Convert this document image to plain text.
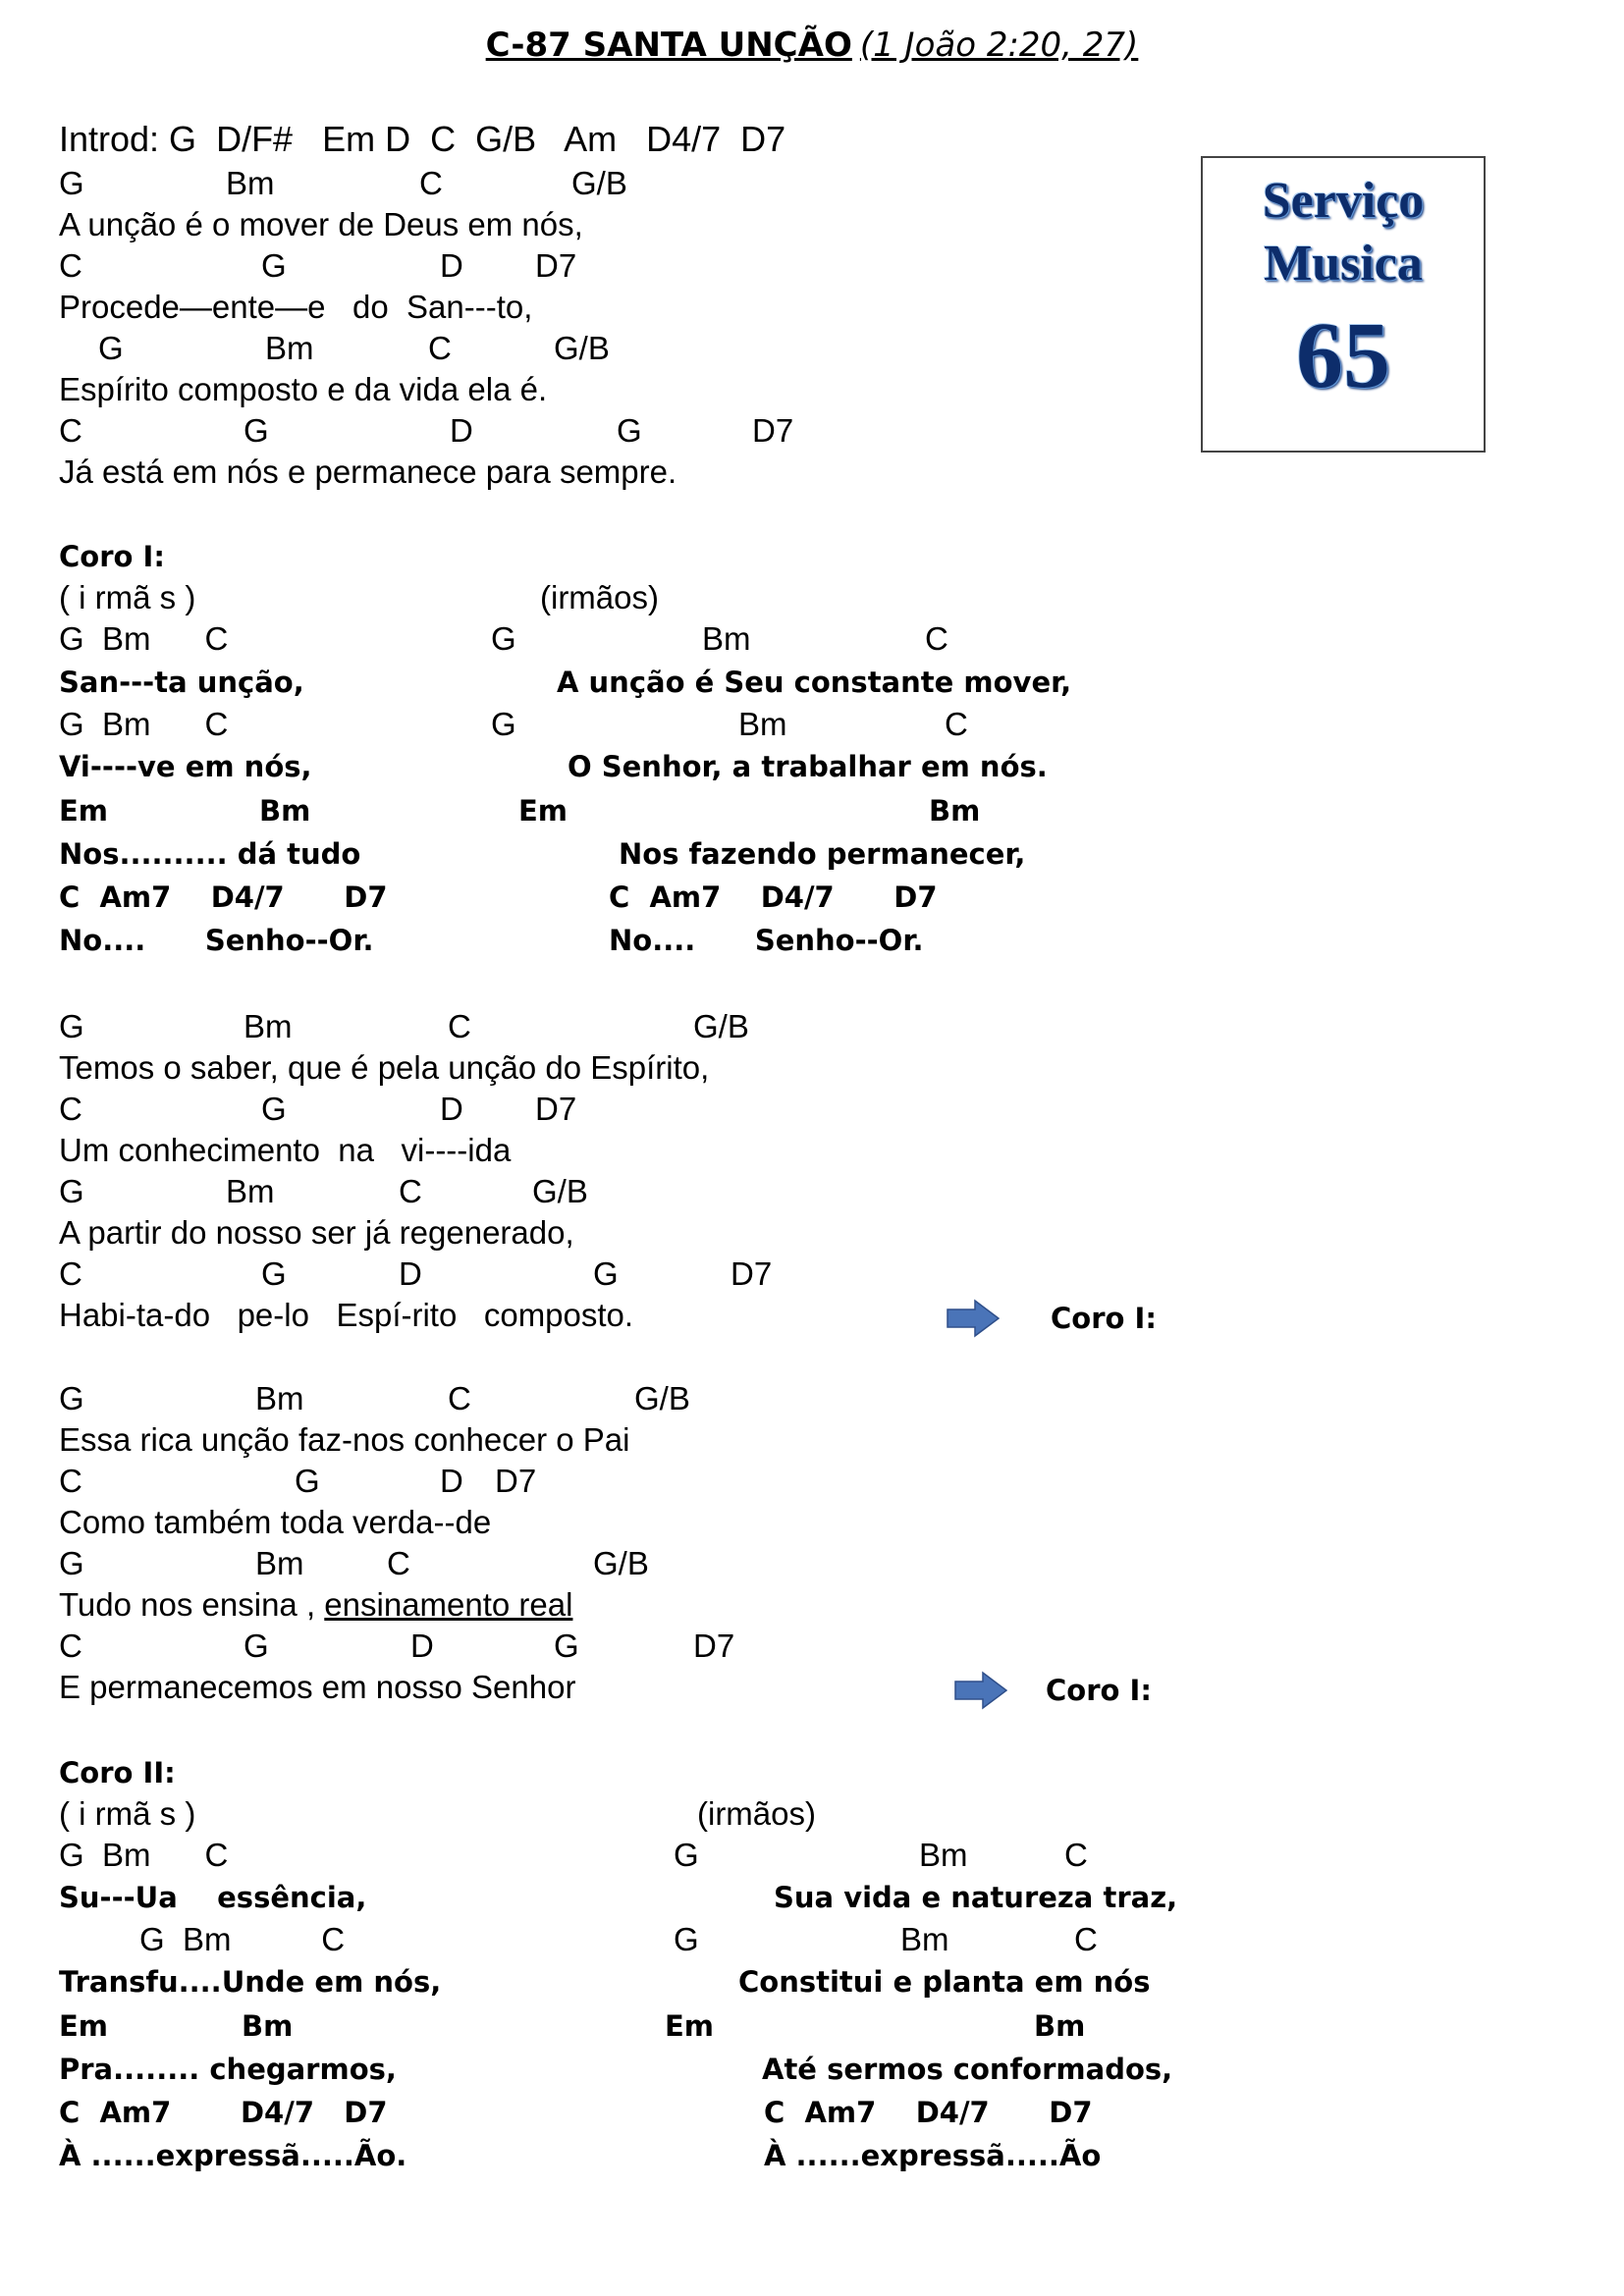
C-87 SANTA UNÇÃO (1 João 2:20, 27)
Serviço
Musica
65
Introd: G  D/F#   Em D  C  G/B   Am   D4/7  D7

G

	Bm

	C

	G/B

A unção é o mover de Deus em nós,

C

	G

	D

D7

Procede—ente—e   do  San---to,

G

	Bm

	C

	G/B

Espírito composto e da vida ela é.

C

	G

	D

	G

	D7

Já está em nós e permanece para sempre.
Coro I:
( i rmã s )	(irmãos)
G  Bm      C

	G

	Bm

	C

San---ta unção,	A unção é Seu constante mover,
G  Bm      C

	G

	Bm

	C

Vi----ve em nós,	O Senhor, a trabalhar em nós.

Em

	Bm

	Em

	Bm

Nos.......... dá tudo	Nos fazendo permanecer,
C  Am7    D4/7      D7	C  Am7    D4/7      D7
No....      Senho--Or.	No....      Senho--Or.

G

	Bm

	C

	G/B

Temos o saber, que é pela unção do Espírito,

C

	G

	D

D7

Um conhecimento  na   vi----ida

G

	Bm

	C

	G/B

A partir do nosso ser já regenerado,

C

	G

	D

	G

	D7

Habi-ta-do   pe-lo   Espí-rito   composto.	Coro I:

G

	Bm

	C

	G/B

Essa rica unção faz-nos conhecer o Pai

C

	G

	D

D7

Como também toda verda--de

G

	Bm

	C

	G/B

Tudo nos ensina , ensinamento real

C

	G

	D

	G

	D7

E permanecemos em nosso Senhor	Coro I:
Coro II:
( i rmã s )	(irmãos)
G  Bm      C

	G

	Bm

	C

Su---Ua    essência,	Sua vida e natureza traz,
G  Bm          C

	G

	Bm

	C

Transfu....Unde em nós,	Constitui e planta em nós

Em

	Bm

	Em

	Bm

Pra........ chegarmos,	Até sermos conformados,
C  Am7       D4/7   D7	C  Am7    D4/7      D7
À ......expressã.....Ão.	À ......expressã.....Ão
